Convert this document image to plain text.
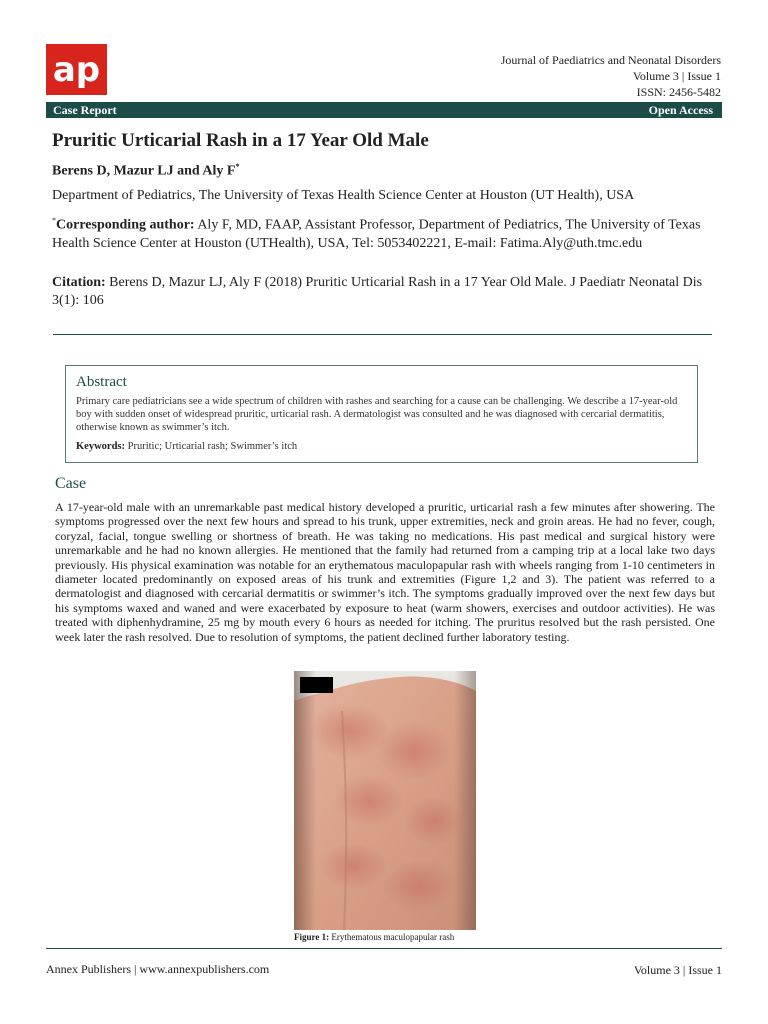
ap	Journal of Paediatrics and Neonatal Disorders
Volume 3 | Issue 1
ISSN: 2456-5482
Case Report	Open Access
Pruritic Urticarial Rash in a 17 Year Old Male
Berens D, Mazur LJ and Aly F*
Department of Pediatrics, The University of Texas Health Science Center at Houston (UT Health), USA
*Corresponding author: Aly F, MD, FAAP, Assistant Professor, Department of Pediatrics, The University of Texas Health Science Center at Houston (UTHealth), USA, Tel: 5053402221, E-mail: Fatima.Aly@uth.tmc.edu
Citation: Berens D, Mazur LJ, Aly F (2018) Pruritic Urticarial Rash in a 17 Year Old Male. J Paediatr Neonatal Dis 3(1): 106
Abstract
Primary care pediatricians see a wide spectrum of children with rashes and searching for a cause can be challenging. We describe a 17-year-old boy with sudden onset of widespread pruritic, urticarial rash. A dermatologist was consulted and he was diagnosed with cercarial dermatitis, otherwise known as swimmer’s itch.
Keywords: Pruritic; Urticarial rash; Swimmer’s itch
Case
A 17-year-old male with an unremarkable past medical history developed a pruritic, urticarial rash a few minutes after showering. The symptoms progressed over the next few hours and spread to his trunk, upper extremities, neck and groin areas. He had no fever, cough, coryzal, facial, tongue swelling or shortness of breath. He was taking no medications. His past medical and surgical history were unremarkable and he had no known allergies. He mentioned that the family had returned from a camping trip at a local lake two days previously. His physical examination was notable for an erythematous maculopapular rash with wheels ranging from 1-10 centimeters in diameter located predominantly on exposed areas of his trunk and extremities (Figure 1,2 and 3). The patient was referred to a dermatologist and diagnosed with cercarial dermatitis or swimmer’s itch. The symptoms gradually improved over the next few days but his symptoms waxed and waned and were exacerbated by exposure to heat (warm showers, exercises and outdoor activities). He was treated with diphenhydramine, 25 mg by mouth every 6 hours as needed for itching. The pruritus resolved but the rash persisted. One week later the rash resolved. Due to resolution of symptoms, the patient declined further laboratory testing.
Figure 1: Erythematous maculopapular rash
Annex Publishers | www.annexpublishers.com	Volume 3 | Issue 1
